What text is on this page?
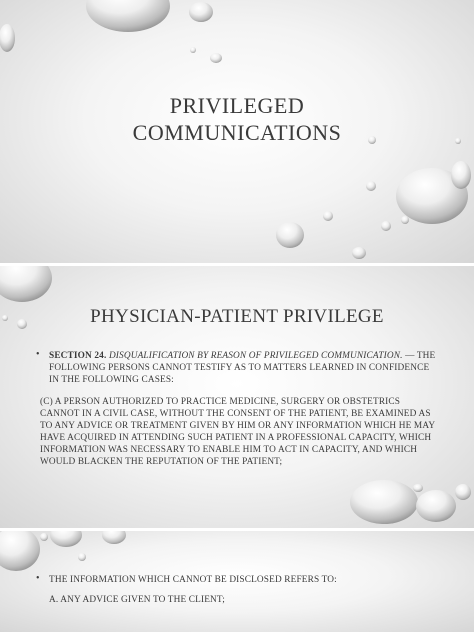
PRIVILEGED
COMMUNICATIONS
PHYSICIAN-PATIENT PRIVILEGE
• SECTION 24. DISQUALIFICATION BY REASON OF PRIVILEGED COMMUNICATION. — THE FOLLOWING PERSONS CANNOT TESTIFY AS TO MATTERS LEARNED IN CONFIDENCE IN THE FOLLOWING CASES:
(C) A PERSON AUTHORIZED TO PRACTICE MEDICINE, SURGERY OR OBSTETRICS CANNOT IN A CIVIL CASE, WITHOUT THE CONSENT OF THE PATIENT, BE EXAMINED AS TO ANY ADVICE OR TREATMENT GIVEN BY HIM OR ANY INFORMATION WHICH HE MAY HAVE ACQUIRED IN ATTENDING SUCH PATIENT IN A PROFESSIONAL CAPACITY, WHICH INFORMATION WAS NECESSARY TO ENABLE HIM TO ACT IN CAPACITY, AND WHICH WOULD BLACKEN THE REPUTATION OF THE PATIENT;
• THE INFORMATION WHICH CANNOT BE DISCLOSED REFERS TO:
A. ANY ADVICE GIVEN TO THE CLIENT;
